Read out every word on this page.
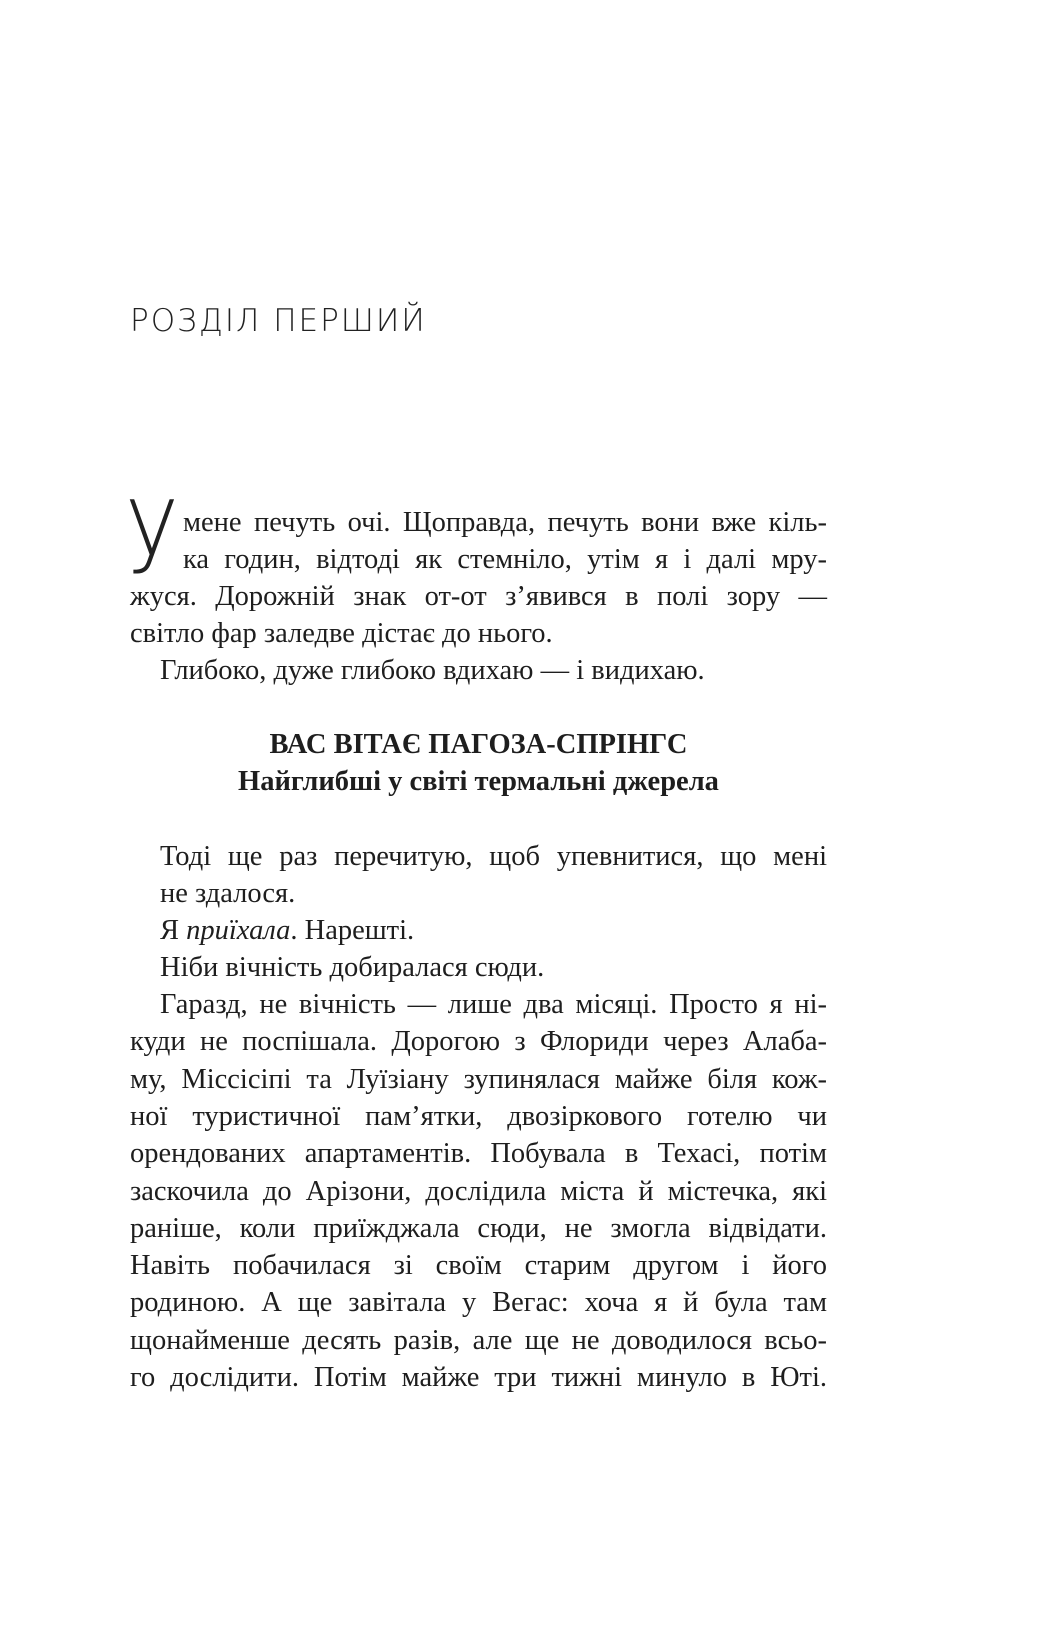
РОЗДІЛ ПЕРШИЙ
У мене печуть очі. Щоправда, печуть вони вже кіль-
ка годин, відтоді як стемніло, утім я і далі мру-
жуся. Дорожній знак от-от з’явився в полі зору —
світло фар заледве дістає до нього.
Глибоко, дуже глибоко вдихаю — і видихаю.
ВАС ВІТАЄ ПАГОЗА-СПРІНГС
Найглибші у світі термальні джерела
Тоді ще раз перечитую, щоб упевнитися, що мені
не здалося.
Я приїхала. Нарешті.
Ніби вічність добиралася сюди.
Гаразд, не вічність — лише два місяці. Просто я ні-
куди не поспішала. Дорогою з Флориди через Алаба-
му, Міссісіпі та Луїзіану зупинялася майже біля кож-
ної туристичної пам’ятки, двозіркового готелю чи
орендованих апартаментів. Побувала в Техасі, потім
заскочила до Арізони, дослідила міста й містечка, які
раніше, коли приїжджала сюди, не змогла відвідати.
Навіть побачилася зі своїм старим другом і його
родиною. А ще завітала у Вегас: хоча я й була там
щонайменше десять разів, але ще не доводилося всьо-
го дослідити. Потім майже три тижні минуло в Юті.
